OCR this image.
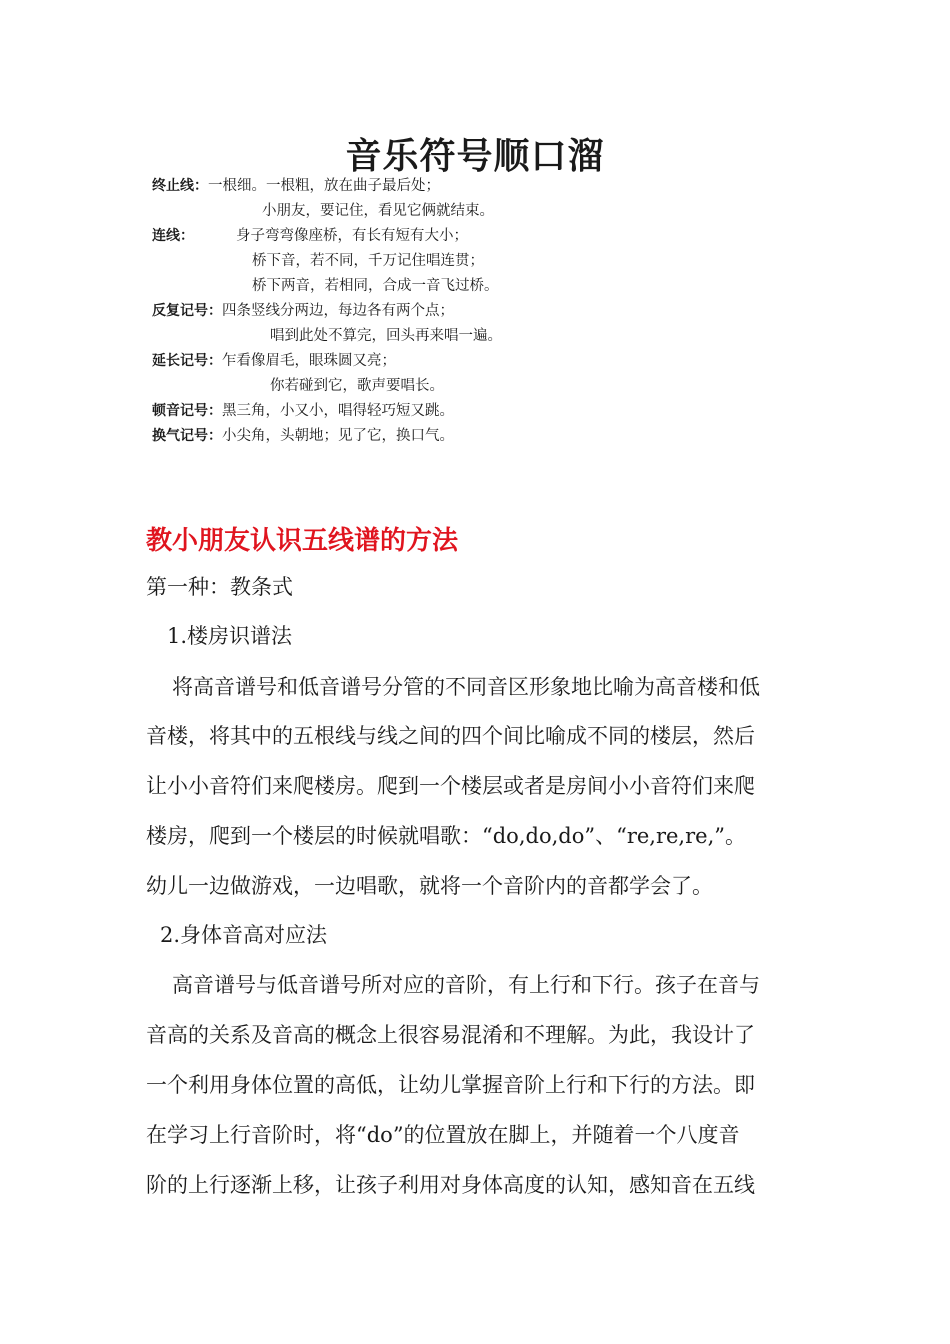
音乐符号顺口溜
终止线：一根细。一根粗，放在曲子最后处；
小朋友，要记住，看见它俩就结束。
连线：	身子弯弯像座桥，有长有短有大小；
桥下音，若不同，千万记住唱连贯；
桥下两音，若相同，合成一音飞过桥。
反复记号：四条竖线分两边，每边各有两个点；
唱到此处不算完，回头再来唱一遍。
延长记号：乍看像眉毛，眼珠圆又亮；
你若碰到它，歌声要唱长。
顿音记号：黑三角，小又小，唱得轻巧短又跳。
换气记号：小尖角，头朝地；见了它，换口气。
教小朋友认识五线谱的方法
第一种：教条式
1.楼房识谱法
将高音谱号和低音谱号分管的不同音区形象地比喻为高音楼和低
音楼，将其中的五根线与线之间的四个间比喻成不同的楼层，然后
让小小音符们来爬楼房。爬到一个楼层或者是房间小小音符们来爬
楼房，爬到一个楼层的时候就唱歌：“do,do,do”、“re,re,re,”。
幼儿一边做游戏，一边唱歌，就将一个音阶内的音都学会了。
2.身体音高对应法
高音谱号与低音谱号所对应的音阶，有上行和下行。孩子在音与
音高的关系及音高的概念上很容易混淆和不理解。为此，我设计了
一个利用身体位置的高低，让幼儿掌握音阶上行和下行的方法。即
在学习上行音阶时，将“do”的位置放在脚上，并随着一个八度音
阶的上行逐渐上移，让孩子利用对身体高度的认知，感知音在五线
